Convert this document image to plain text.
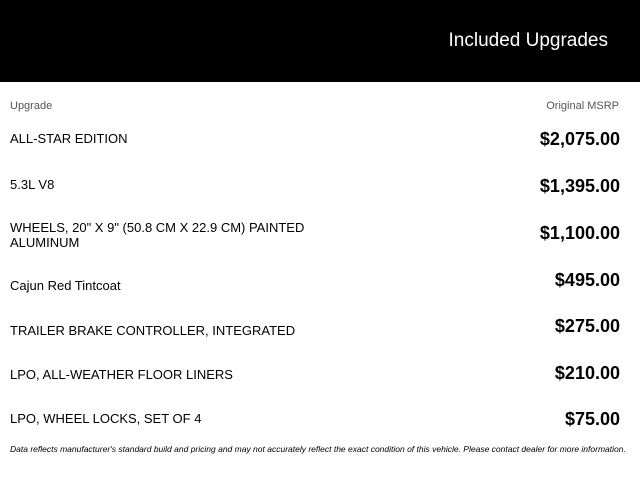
Included Upgrades
Upgrade	Original MSRP
ALL-STAR EDITION	$2,075.00
5.3L V8	$1,395.00
WHEELS, 20" X 9" (50.8 CM X 22.9 CM) PAINTED ALUMINUM	$1,100.00
Cajun Red Tintcoat	$495.00
TRAILER BRAKE CONTROLLER, INTEGRATED	$275.00
LPO, ALL-WEATHER FLOOR LINERS	$210.00
LPO, WHEEL LOCKS, SET OF 4	$75.00
Data reflects manufacturer's standard build and pricing and may not accurately reflect the exact condition of this vehicle. Please contact dealer for more information.
